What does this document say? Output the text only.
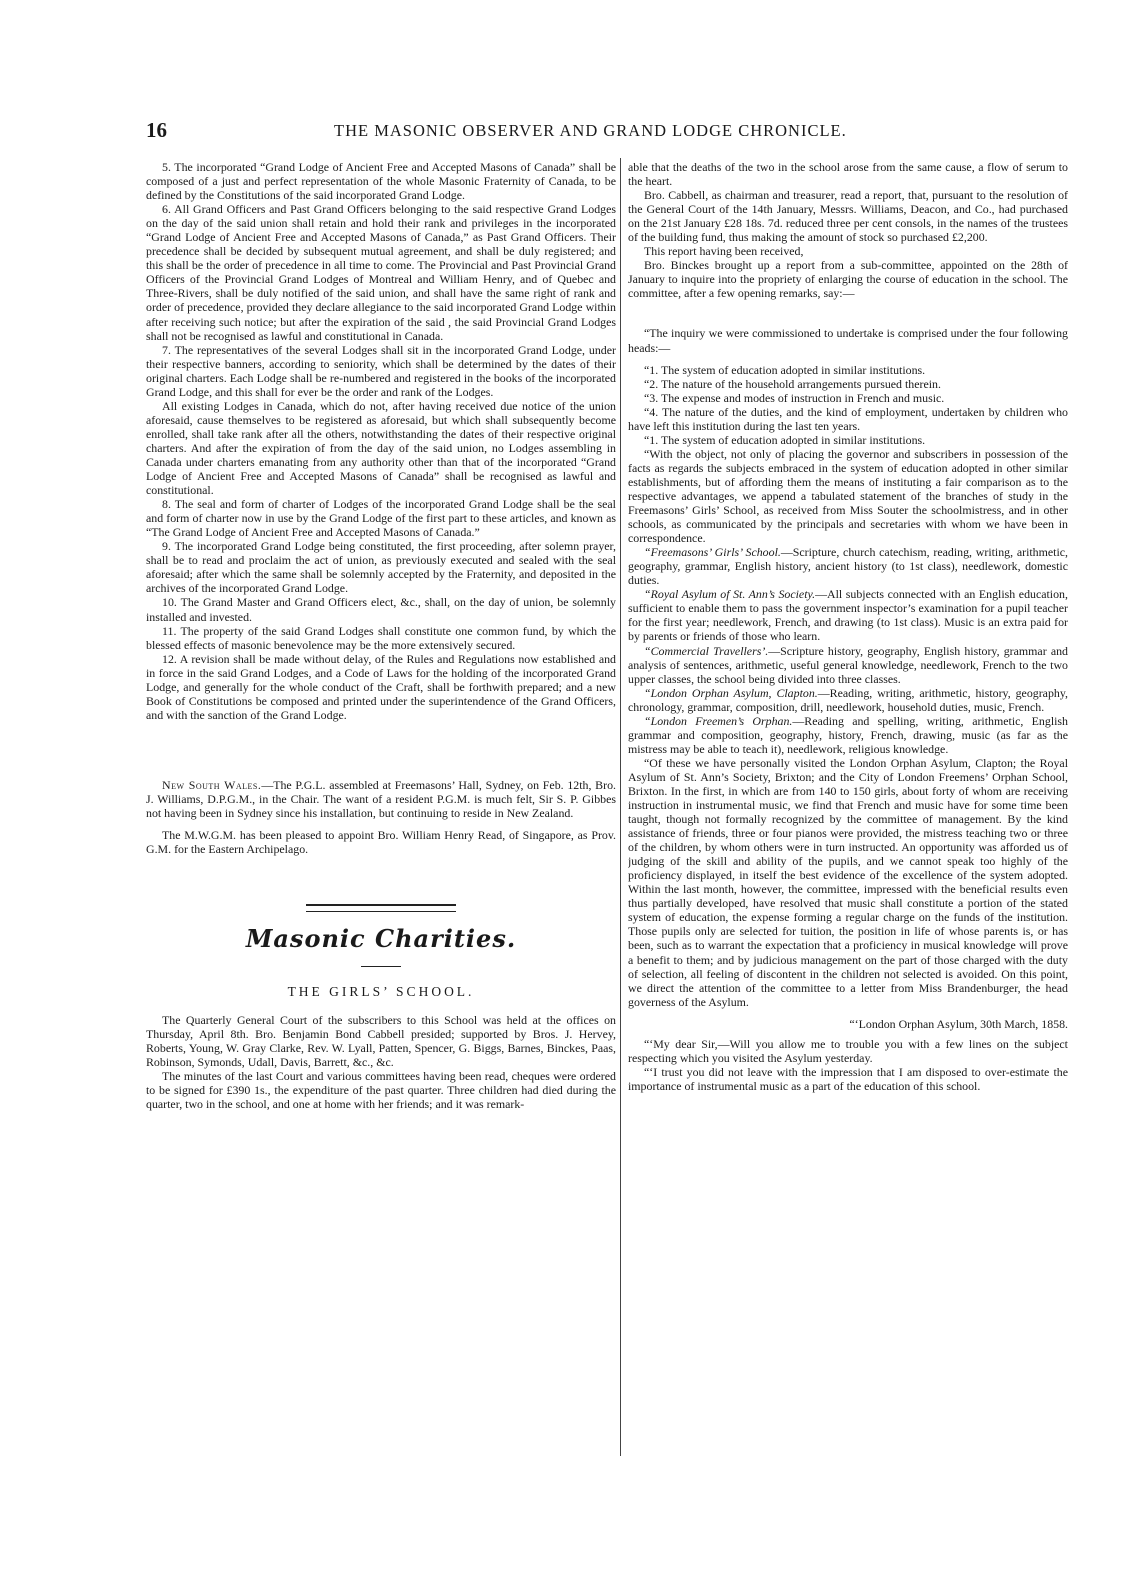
16	THE MASONIC OBSERVER AND GRAND LODGE CHRONICLE.

5. The incorporated “Grand Lodge of Ancient Free and Accepted Masons of Canada” shall be composed of a just and perfect representation of the whole Masonic Fraternity of Canada, to be defined by the Constitutions of the said incorporated Grand Lodge.

6. All Grand Officers and Past Grand Officers belonging to the said respective Grand Lodges on the day of the said union shall retain and hold their rank and privileges in the incorporated “Grand Lodge of Ancient Free and Accepted Masons of Canada,” as Past Grand Officers. Their precedence shall be decided by subsequent mutual agreement, and shall be duly registered; and this shall be the order of precedence in all time to come. The Provincial and Past Provincial Grand Officers of the Provincial Grand Lodges of Montreal and William Henry, and of Quebec and Three-Rivers, shall be duly notified of the said union, and shall have the same right of rank and order of precedence, provided they declare allegiance to the said incorporated Grand Lodge within after receiving such notice; but after the expiration of the said , the said Provincial Grand Lodges shall not be recognised as lawful and constitutional in Canada.

7. The representatives of the several Lodges shall sit in the incorporated Grand Lodge, under their respective banners, according to seniority, which shall be determined by the dates of their original charters. Each Lodge shall be re-numbered and registered in the books of the incorporated Grand Lodge, and this shall for ever be the order and rank of the Lodges.

All existing Lodges in Canada, which do not, after having received due notice of the union aforesaid, cause themselves to be registered as aforesaid, but which shall subsequently become enrolled, shall take rank after all the others, notwithstanding the dates of their respective original charters. And after the expiration of from the day of the said union, no Lodges assembling in Canada under charters emanating from any authority other than that of the incorporated “Grand Lodge of Ancient Free and Accepted Masons of Canada” shall be recognised as lawful and constitutional.

8. The seal and form of charter of Lodges of the incorporated Grand Lodge shall be the seal and form of charter now in use by the Grand Lodge of the first part to these articles, and known as “The Grand Lodge of Ancient Free and Accepted Masons of Canada.”

9. The incorporated Grand Lodge being constituted, the first proceeding, after solemn prayer, shall be to read and proclaim the act of union, as previously executed and sealed with the seal aforesaid; after which the same shall be solemnly accepted by the Fraternity, and deposited in the archives of the incorporated Grand Lodge.

10. The Grand Master and Grand Officers elect, &c., shall, on the day of union, be solemnly installed and invested.

11. The property of the said Grand Lodges shall constitute one common fund, by which the blessed effects of masonic benevolence may be the more extensively secured.

12. A revision shall be made without delay, of the Rules and Regulations now established and in force in the said Grand Lodges, and a Code of Laws for the holding of the incorporated Grand Lodge, and generally for the whole conduct of the Craft, shall be forthwith prepared; and a new Book of Constitutions be composed and printed under the superintendence of the Grand Officers, and with the sanction of the Grand Lodge.

New South Wales.—The P.G.L. assembled at Freemasons’ Hall, Sydney, on Feb. 12th, Bro. J. Williams, D.P.G.M., in the Chair. The want of a resident P.G.M. is much felt, Sir S. P. Gibbes not having been in Sydney since his installation, but continuing to reside in New Zealand.

The M.W.G.M. has been pleased to appoint Bro. William Henry Read, of Singapore, as Prov. G.M. for the Eastern Archipelago.

Masonic Charities.
THE GIRLS’ SCHOOL.

The Quarterly General Court of the subscribers to this School was held at the offices on Thursday, April 8th. Bro. Benjamin Bond Cabbell presided; supported by Bros. J. Hervey, Roberts, Young, W. Gray Clarke, Rev. W. Lyall, Patten, Spencer, G. Biggs, Barnes, Binckes, Paas, Robinson, Symonds, Udall, Davis, Barrett, &c., &c.

The minutes of the last Court and various committees having been read, cheques were ordered to be signed for £390 1s., the expenditure of the past quarter. Three children had died during the quarter, two in the school, and one at home with her friends; and it was remark-

able that the deaths of the two in the school arose from the same cause, a flow of serum to the heart.

Bro. Cabbell, as chairman and treasurer, read a report, that, pursuant to the resolution of the General Court of the 14th January, Messrs. Williams, Deacon, and Co., had purchased on the 21st January £28 18s. 7d. reduced three per cent consols, in the names of the trustees of the building fund, thus making the amount of stock so purchased £2,200.

This report having been received,

Bro. Binckes brought up a report from a sub-committee, appointed on the 28th of January to inquire into the propriety of enlarging the course of education in the school. The committee, after a few opening remarks, say:—

“The inquiry we were commissioned to undertake is comprised under the four following heads:—

“1. The system of education adopted in similar institutions.

“2. The nature of the household arrangements pursued therein.

“3. The expense and modes of instruction in French and music.

“4. The nature of the duties, and the kind of employment, undertaken by children who have left this institution during the last ten years.

“1. The system of education adopted in similar institutions.

“With the object, not only of placing the governor and subscribers in possession of the facts as regards the subjects embraced in the system of education adopted in other similar establishments, but of affording them the means of instituting a fair comparison as to the respective advantages, we append a tabulated statement of the branches of study in the Freemasons’ Girls’ School, as received from Miss Souter the schoolmistress, and in other schools, as communicated by the principals and secretaries with whom we have been in correspondence.

“Freemasons’ Girls’ School.—Scripture, church catechism, reading, writing, arithmetic, geography, grammar, English history, ancient history (to 1st class), needlework, domestic duties.

“Royal Asylum of St. Ann’s Society.—All subjects connected with an English education, sufficient to enable them to pass the government inspector’s examination for a pupil teacher for the first year; needlework, French, and drawing (to 1st class). Music is an extra paid for by parents or friends of those who learn.

“Commercial Travellers’.—Scripture history, geography, English history, grammar and analysis of sentences, arithmetic, useful general knowledge, needlework, French to the two upper classes, the school being divided into three classes.

“London Orphan Asylum, Clapton.—Reading, writing, arithmetic, history, geography, chronology, grammar, composition, drill, needlework, household duties, music, French.

“London Freemen’s Orphan.—Reading and spelling, writing, arithmetic, English grammar and composition, geography, history, French, drawing, music (as far as the mistress may be able to teach it), needlework, religious knowledge.

“Of these we have personally visited the London Orphan Asylum, Clapton; the Royal Asylum of St. Ann’s Society, Brixton; and the City of London Freemens’ Orphan School, Brixton. In the first, in which are from 140 to 150 girls, about forty of whom are receiving instruction in instrumental music, we find that French and music have for some time been taught, though not formally recognized by the committee of management. By the kind assistance of friends, three or four pianos were provided, the mistress teaching two or three of the children, by whom others were in turn instructed. An opportunity was afforded us of judging of the skill and ability of the pupils, and we cannot speak too highly of the proficiency displayed, in itself the best evidence of the excellence of the system adopted. Within the last month, however, the committee, impressed with the beneficial results even thus partially developed, have resolved that music shall constitute a portion of the stated system of education, the expense forming a regular charge on the funds of the institution. Those pupils only are selected for tuition, the position in life of whose parents is, or has been, such as to warrant the expectation that a proficiency in musical knowledge will prove a benefit to them; and by judicious management on the part of those charged with the duty of selection, all feeling of discontent in the children not selected is avoided. On this point, we direct the attention of the committee to a letter from Miss Brandenburger, the head governess of the Asylum.

“‘London Orphan Asylum, 30th March, 1858.

“‘My dear Sir,—Will you allow me to trouble you with a few lines on the subject respecting which you visited the Asylum yesterday.

“‘I trust you did not leave with the impression that I am disposed to over-estimate the importance of instrumental music as a part of the education of this school.
